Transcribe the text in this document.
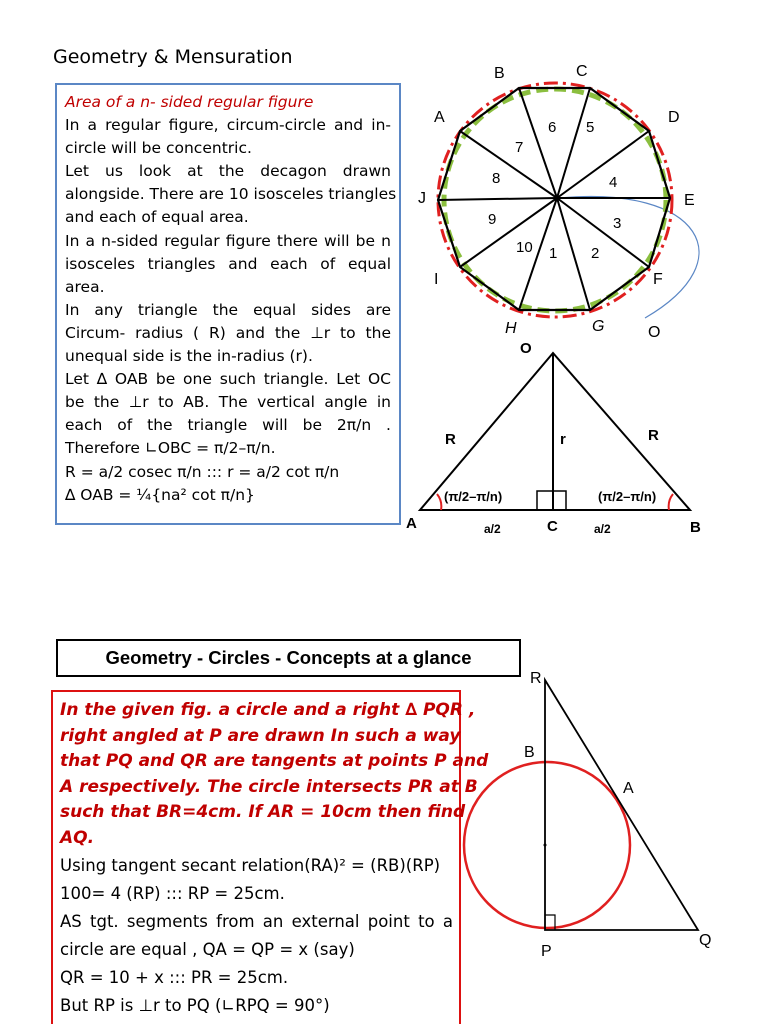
Geometry & Mensuration
Area of a n- sided regular figure
In a regular figure, circum-circle and in-
circle will be concentric.
Let us look at the decagon drawn
alongside. There are 10 isosceles triangles
and each of equal area.
In a n-sided regular figure there will be n
isosceles triangles and each of equal
area.
In any triangle the equal sides are
Circum- radius ( R) and the ⊥r to the
unequal side is the in-radius (r).
Let ∆ OAB be one such triangle. Let OC
be the ⊥r to AB. The vertical angle in
each of the triangle will be 2π/n .
Therefore ∟OBC = π/2–π/n.
R = a/2 cosec π/n ::: r = a/2 cot π/n
∆ OAB = ¼{na² cot π/n}
A
B	C
D
E
F
G
H
I
J
O
1 2
3
4
5
6
7
8
9
10
O
A	B
C
R	R
r
(π/2–π/n)	(π/2–π/n)
a/2	a/2
Geometry - Circles - Concepts at a glance
In the given fig. a circle and a right ∆ PQR ,
right angled at P are drawn In such a way
that PQ and QR are tangents at points P and
A respectively. The circle intersects PR at B
such that BR=4cm. If AR = 10cm then find
AQ.
Using tangent secant relation(RA)² = (RB)(RP)
100= 4 (RP) ::: RP = 25cm.
AS tgt. segments from an external point to a
circle are equal , QA = QP = x (say)
QR = 10 + x ::: PR = 25cm.
But RP is ⊥r to PQ (∟RPQ = 90°)
R
B
A
P
Q
